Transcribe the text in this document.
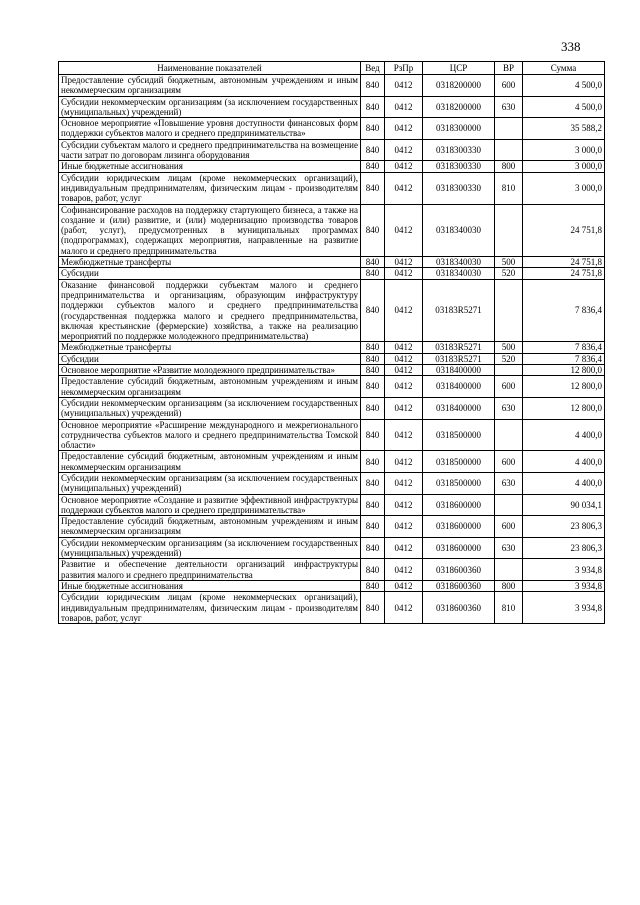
338
Наименование показателей	Вед	РзПр	ЦСР	ВР	Сумма
Предоставление субсидий бюджетным, автономным учреждениям и иным некоммерческим организациям	840	0412	0318200000	600	4 500,0
Субсидии некоммерческим организациям (за исключением государственных (муниципальных) учреждений)	840	0412	0318200000	630	4 500,0
Основное мероприятие «Повышение уровня доступности финансовых форм поддержки субъектов малого и среднего предпринимательства»	840	0412	0318300000		35 588,2
Субсидии субъектам малого и среднего предпринимательства на возмещение части затрат по договорам лизинга оборудования	840	0412	0318300330		3 000,0
Иные бюджетные ассигнования	840	0412	0318300330	800	3 000,0
Субсидии юридическим лицам (кроме некоммерческих организаций), индивидуальным предпринимателям, физическим лицам - производителям товаров, работ, услуг	840	0412	0318300330	810	3 000,0
Софинансирование расходов на поддержку стартующего бизнеса, а также на создание и (или) развитие, и (или) модернизацию производства товаров (работ, услуг), предусмотренных в муниципальных программах (подпрограммах), содержащих мероприятия, направленные на развитие малого и среднего предпринимательства	840	0412	0318340030		24 751,8
Межбюджетные трансферты	840	0412	0318340030	500	24 751,8
Субсидии	840	0412	0318340030	520	24 751,8
Оказание финансовой поддержки субъектам малого и среднего предпринимательства и организациям, образующим инфраструктуру поддержки субъектов малого и среднего предпринимательства (государственная поддержка малого и среднего предпринимательства, включая крестьянские (фермерские) хозяйства, а также на реализацию мероприятий по поддержке молодежного предпринимательства)	840	0412	03183R5271		7 836,4
Межбюджетные трансферты	840	0412	03183R5271	500	7 836,4
Субсидии	840	0412	03183R5271	520	7 836,4
Основное мероприятие «Развитие молодежного предпринимательства»	840	0412	0318400000		12 800,0
Предоставление субсидий бюджетным, автономным учреждениям и иным некоммерческим организациям	840	0412	0318400000	600	12 800,0
Субсидии некоммерческим организациям (за исключением государственных (муниципальных) учреждений)	840	0412	0318400000	630	12 800,0
Основное мероприятие «Расширение международного и межрегионального сотрудничества субъектов малого и среднего предпринимательства Томской области»	840	0412	0318500000		4 400,0
Предоставление субсидий бюджетным, автономным учреждениям и иным некоммерческим организациям	840	0412	0318500000	600	4 400,0
Субсидии некоммерческим организациям (за исключением государственных (муниципальных) учреждений)	840	0412	0318500000	630	4 400,0
Основное мероприятие «Создание и развитие эффективной инфраструктуры поддержки субъектов малого и среднего предпринимательства»	840	0412	0318600000		90 034,1
Предоставление субсидий бюджетным, автономным учреждениям и иным некоммерческим организациям	840	0412	0318600000	600	23 806,3
Субсидии некоммерческим организациям (за исключением государственных (муниципальных) учреждений)	840	0412	0318600000	630	23 806,3
Развитие и обеспечение деятельности организаций инфраструктуры развития малого и среднего предпринимательства	840	0412	0318600360		3 934,8
Иные бюджетные ассигнования	840	0412	0318600360	800	3 934,8
Субсидии юридическим лицам (кроме некоммерческих организаций), индивидуальным предпринимателям, физическим лицам - производителям товаров, работ, услуг	840	0412	0318600360	810	3 934,8
